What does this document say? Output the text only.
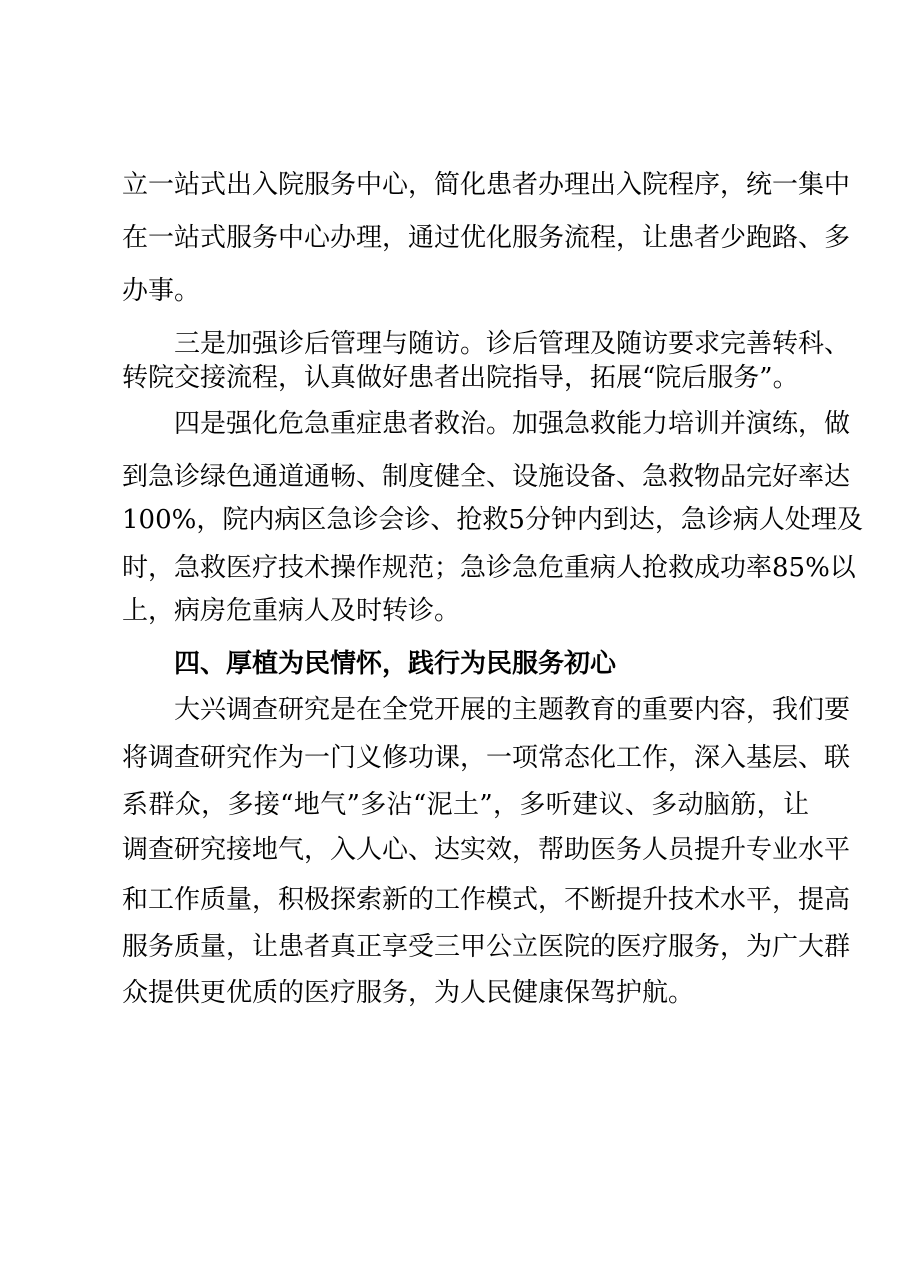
立一站式出入院服务中心，简化患者办理出入院程序，统一集中
在一站式服务中心办理，通过优化服务流程，让患者少跑路、多
办事。
三是加强诊后管理与随访。诊后管理及随访要求完善转科、
转院交接流程，认真做好患者出院指导，拓展“院后服务”。
四是强化危急重症患者救治。加强急救能力培训并演练，做
到急诊绿色通道通畅、制度健全、设施设备、急救物品完好率达
100%，院内病区急诊会诊、抢救5分钟内到达，急诊病人处理及
时，急救医疗技术操作规范；急诊急危重病人抢救成功率85%以
上，病房危重病人及时转诊。
四、厚植为民情怀，践行为民服务初心
大兴调查研究是在全党开展的主题教育的重要内容，我们要
将调查研究作为一门义修功课，一项常态化工作，深入基层、联
系群众，多接“地气”多沾“泥土”，多听建议、多动脑筋，让
调查研究接地气，入人心、达实效，帮助医务人员提升专业水平
和工作质量，积极探索新的工作模式，不断提升技术水平，提高
服务质量，让患者真正享受三甲公立医院的医疗服务，为广大群
众提供更优质的医疗服务，为人民健康保驾护航。
